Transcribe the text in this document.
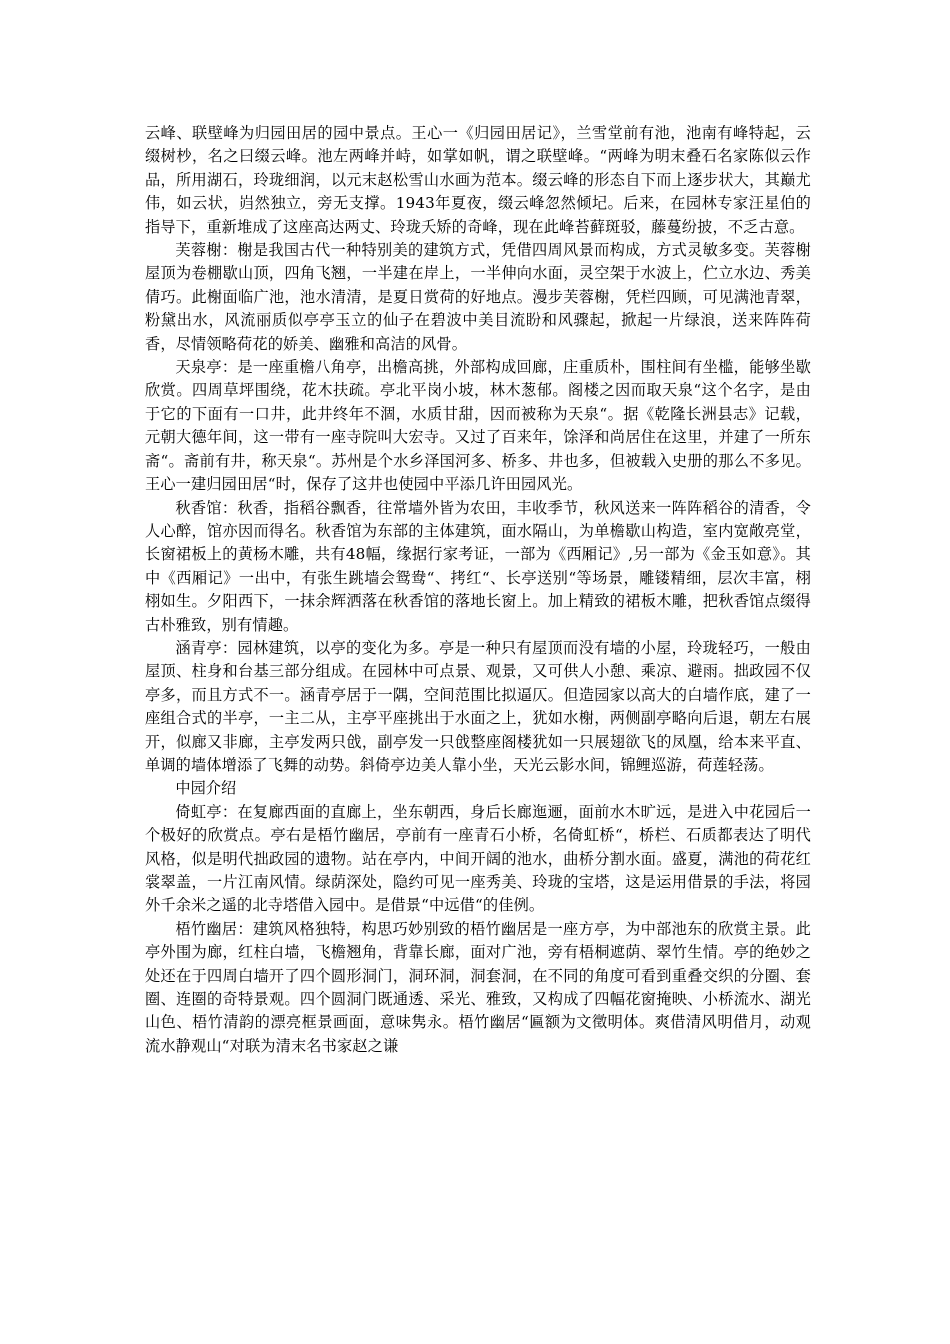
云峰、联壁峰为归园田居的园中景点。王心一《归园田居记》，兰雪堂前有池，池南有峰特起，云缀树杪，名之曰缀云峰。池左两峰并峙，如掌如帆，谓之联壁峰。“两峰为明末叠石名家陈似云作品，所用湖石，玲珑细润，以元末赵松雪山水画为范本。缀云峰的形态自下而上逐步状大，其巅尤伟，如云状，岿然独立，旁无支撑。1943年夏夜，缀云峰忽然倾圮。后来，在园林专家汪星伯的指导下，重新堆成了这座高达两丈、玲珑夭矫的奇峰，现在此峰苔藓斑驳，藤蔓纷披，不乏古意。

芙蓉榭：榭是我国古代一种特别美的建筑方式，凭借四周风景而构成，方式灵敏多变。芙蓉榭屋顶为卷棚歇山顶，四角飞翘，一半建在岸上，一半伸向水面，灵空架于水波上，伫立水边、秀美倩巧。此榭面临广池，池水清清，是夏日赏荷的好地点。漫步芙蓉榭，凭栏四顾，可见满池青翠，粉黛出水，风流丽质似亭亭玉立的仙子在碧波中美目流盼和风骤起，掀起一片绿浪，送来阵阵荷香，尽情领略荷花的娇美、幽雅和高洁的风骨。

天泉亭：是一座重檐八角亭，出檐高挑，外部构成回廊，庄重质朴，围柱间有坐槛，能够坐歇欣赏。四周草坪围绕，花木扶疏。亭北平岗小坡，林木葱郁。阁楼之因而取天泉“这个名字，是由于它的下面有一口井，此井终年不涸，水质甘甜，因而被称为天泉“。据《乾隆长洲县志》记载，元朝大德年间，这一带有一座寺院叫大宏寺。又过了百来年，馀泽和尚居住在这里，并建了一所东斋“。斋前有井，称天泉“。苏州是个水乡泽国河多、桥多、井也多，但被载入史册的那么不多见。王心一建归园田居“时，保存了这井也使园中平添几许田园风光。

秋香馆：秋香，指稻谷飘香，往常墙外皆为农田，丰收季节，秋风送来一阵阵稻谷的清香，令人心醉，馆亦因而得名。秋香馆为东部的主体建筑，面水隔山，为单檐歇山构造，室内宽敞亮堂，长窗裙板上的黄杨木雕，共有48幅，缘据行家考证，一部为《西厢记》,另一部为《金玉如意》。其中《西厢记》一出中，有张生跳墙会鸳鸯“、拷红“、长亭送别“等场景，雕镂精细，层次丰富，栩栩如生。夕阳西下，一抹余辉洒落在秋香馆的落地长窗上。加上精致的裙板木雕，把秋香馆点缀得古朴雅致，别有情趣。

涵青亭：园林建筑，以亭的变化为多。亭是一种只有屋顶而没有墙的小屋，玲珑轻巧，一般由屋顶、柱身和台基三部分组成。在园林中可点景、观景，又可供人小憩、乘凉、避雨。拙政园不仅亭多，而且方式不一。涵青亭居于一隅，空间范围比拟逼仄。但造园家以高大的白墙作底，建了一座组合式的半亭，一主二从，主亭平座挑出于水面之上，犹如水榭，两侧副亭略向后退，朝左右展开，似廊又非廊，主亭发两只戗，副亭发一只戗整座阁楼犹如一只展翅欲飞的凤凰，给本来平直、单调的墙体增添了飞舞的动势。斜倚亭边美人靠小坐，天光云影水间，锦鲤巡游，荷莲轻荡。

中园介绍

倚虹亭：在复廊西面的直廊上，坐东朝西，身后长廊迤逦，面前水木旷远，是进入中花园后一个极好的欣赏点。亭右是梧竹幽居，亭前有一座青石小桥，名倚虹桥“，桥栏、石质都表达了明代风格，似是明代拙政园的遗物。站在亭内，中间开阔的池水，曲桥分割水面。盛夏，满池的荷花红裳翠盖，一片江南风情。绿荫深处，隐约可见一座秀美、玲珑的宝塔，这是运用借景的手法，将园外千余米之遥的北寺塔借入园中。是借景“中远借“的佳例。

梧竹幽居：建筑风格独特，构思巧妙别致的梧竹幽居是一座方亭，为中部池东的欣赏主景。此亭外围为廊，红柱白墙，飞檐翘角，背靠长廊，面对广池，旁有梧桐遮荫、翠竹生情。亭的绝妙之处还在于四周白墙开了四个圆形洞门，洞环洞，洞套洞，在不同的角度可看到重叠交织的分圈、套圈、连圈的奇特景观。四个圆洞门既通透、采光、雅致，又构成了四幅花窗掩映、小桥流水、湖光山色、梧竹清韵的漂亮框景画面，意味隽永。梧竹幽居“匾额为文徵明体。爽借清风明借月，动观流水静观山“对联为清末名书家赵之谦
